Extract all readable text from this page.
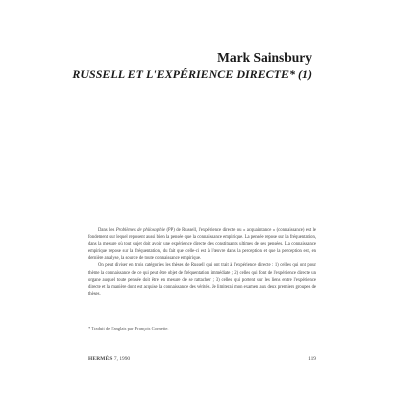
Mark Sainsbury
RUSSELL ET L'EXPÉRIENCE DIRECTE* (1)

Dans les Problèmes de philosophie (PP) de Russell, l'expérience directe ou « acquaintance » (connaissance) est le fondement sur lequel reposent aussi bien la pensée que la connaissance empirique. La pensée repose sur la fréquentation, dans la mesure où tout sujet doit avoir une expérience directe des constituants ultimes de ses pensées. La connaissance empirique repose sur la fréquentation, du fait que celle-ci est à l'œuvre dans la perception et que la perception est, en dernière analyse, la source de toute connaissance empirique.

On peut diviser en trois catégories les thèses de Russell qui ont trait à l'expérience directe : 1) celles qui ont pour thème la connaissance de ce qui peut être objet de fréquentation immédiate ; 2) celles qui font de l'expérience directe un organe auquel toute pensée doit être en mesure de se rattacher ; 3) celles qui portent sur les liens entre l'expérience directe et la manière dont est acquise la connaissance des vérités. Je limiterai mon examen aux deux premiers groupes de thèses.

* Traduit de l'anglais par François Cornette.
HERMÈS 7, 1990	119
